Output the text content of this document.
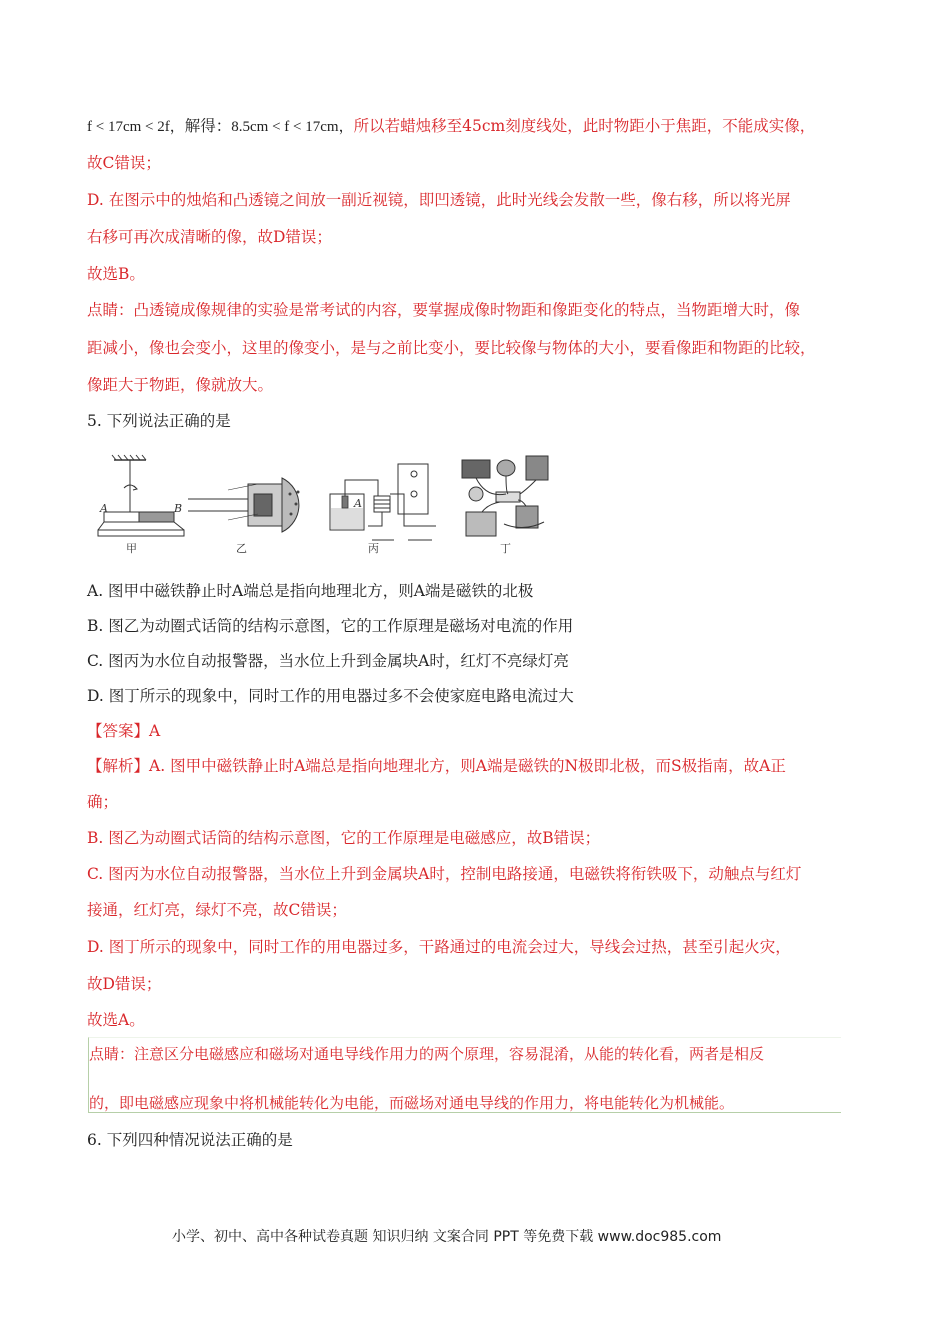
f < 17cm < 2f，解得：8.5cm < f < 17cm，所以若蜡烛移至45cm刻度线处，此时物距小于焦距，不能成实像，
故C错误；
D. 在图示中的烛焰和凸透镜之间放一副近视镜，即凹透镜，此时光线会发散一些，像右移，所以将光屏
右移可再次成清晰的像，故D错误；
故选B。
点睛：凸透镜成像规律的实验是常考试的内容，要掌握成像时物距和像距变化的特点，当物距增大时，像
距减小，像也会变小，这里的像变小，是与之前比变小，要比较像与物体的大小，要看像距和物距的比较，
像距大于物距，像就放大。
5. 下列说法正确的是
A	B
甲	乙
A
丙	丁
A. 图甲中磁铁静止时A端总是指向地理北方，则A端是磁铁的北极
B. 图乙为动圈式话筒的结构示意图，它的工作原理是磁场对电流的作用
C. 图丙为水位自动报警器，当水位上升到金属块A时，红灯不亮绿灯亮
D. 图丁所示的现象中，同时工作的用电器过多不会使家庭电路电流过大
【答案】A
【解析】A. 图甲中磁铁静止时A端总是指向地理北方，则A端是磁铁的N极即北极，而S极指南，故A正
确；
B. 图乙为动圈式话筒的结构示意图，它的工作原理是电磁感应，故B错误；
C. 图丙为水位自动报警器，当水位上升到金属块A时，控制电路接通，电磁铁将衔铁吸下，动触点与红灯
接通，红灯亮，绿灯不亮，故C错误；
D. 图丁所示的现象中，同时工作的用电器过多，干路通过的电流会过大，导线会过热，甚至引起火灾，
故D错误；
故选A。
点睛：注意区分电磁感应和磁场对通电导线作用力的两个原理，容易混淆，从能的转化看，两者是相反
的，即电磁感应现象中将机械能转化为电能，而磁场对通电导线的作用力，将电能转化为机械能。
6. 下列四种情况说法正确的是
小学、初中、高中各种试卷真题 知识归纳 文案合同 PPT 等免费下载 www.doc985.com
